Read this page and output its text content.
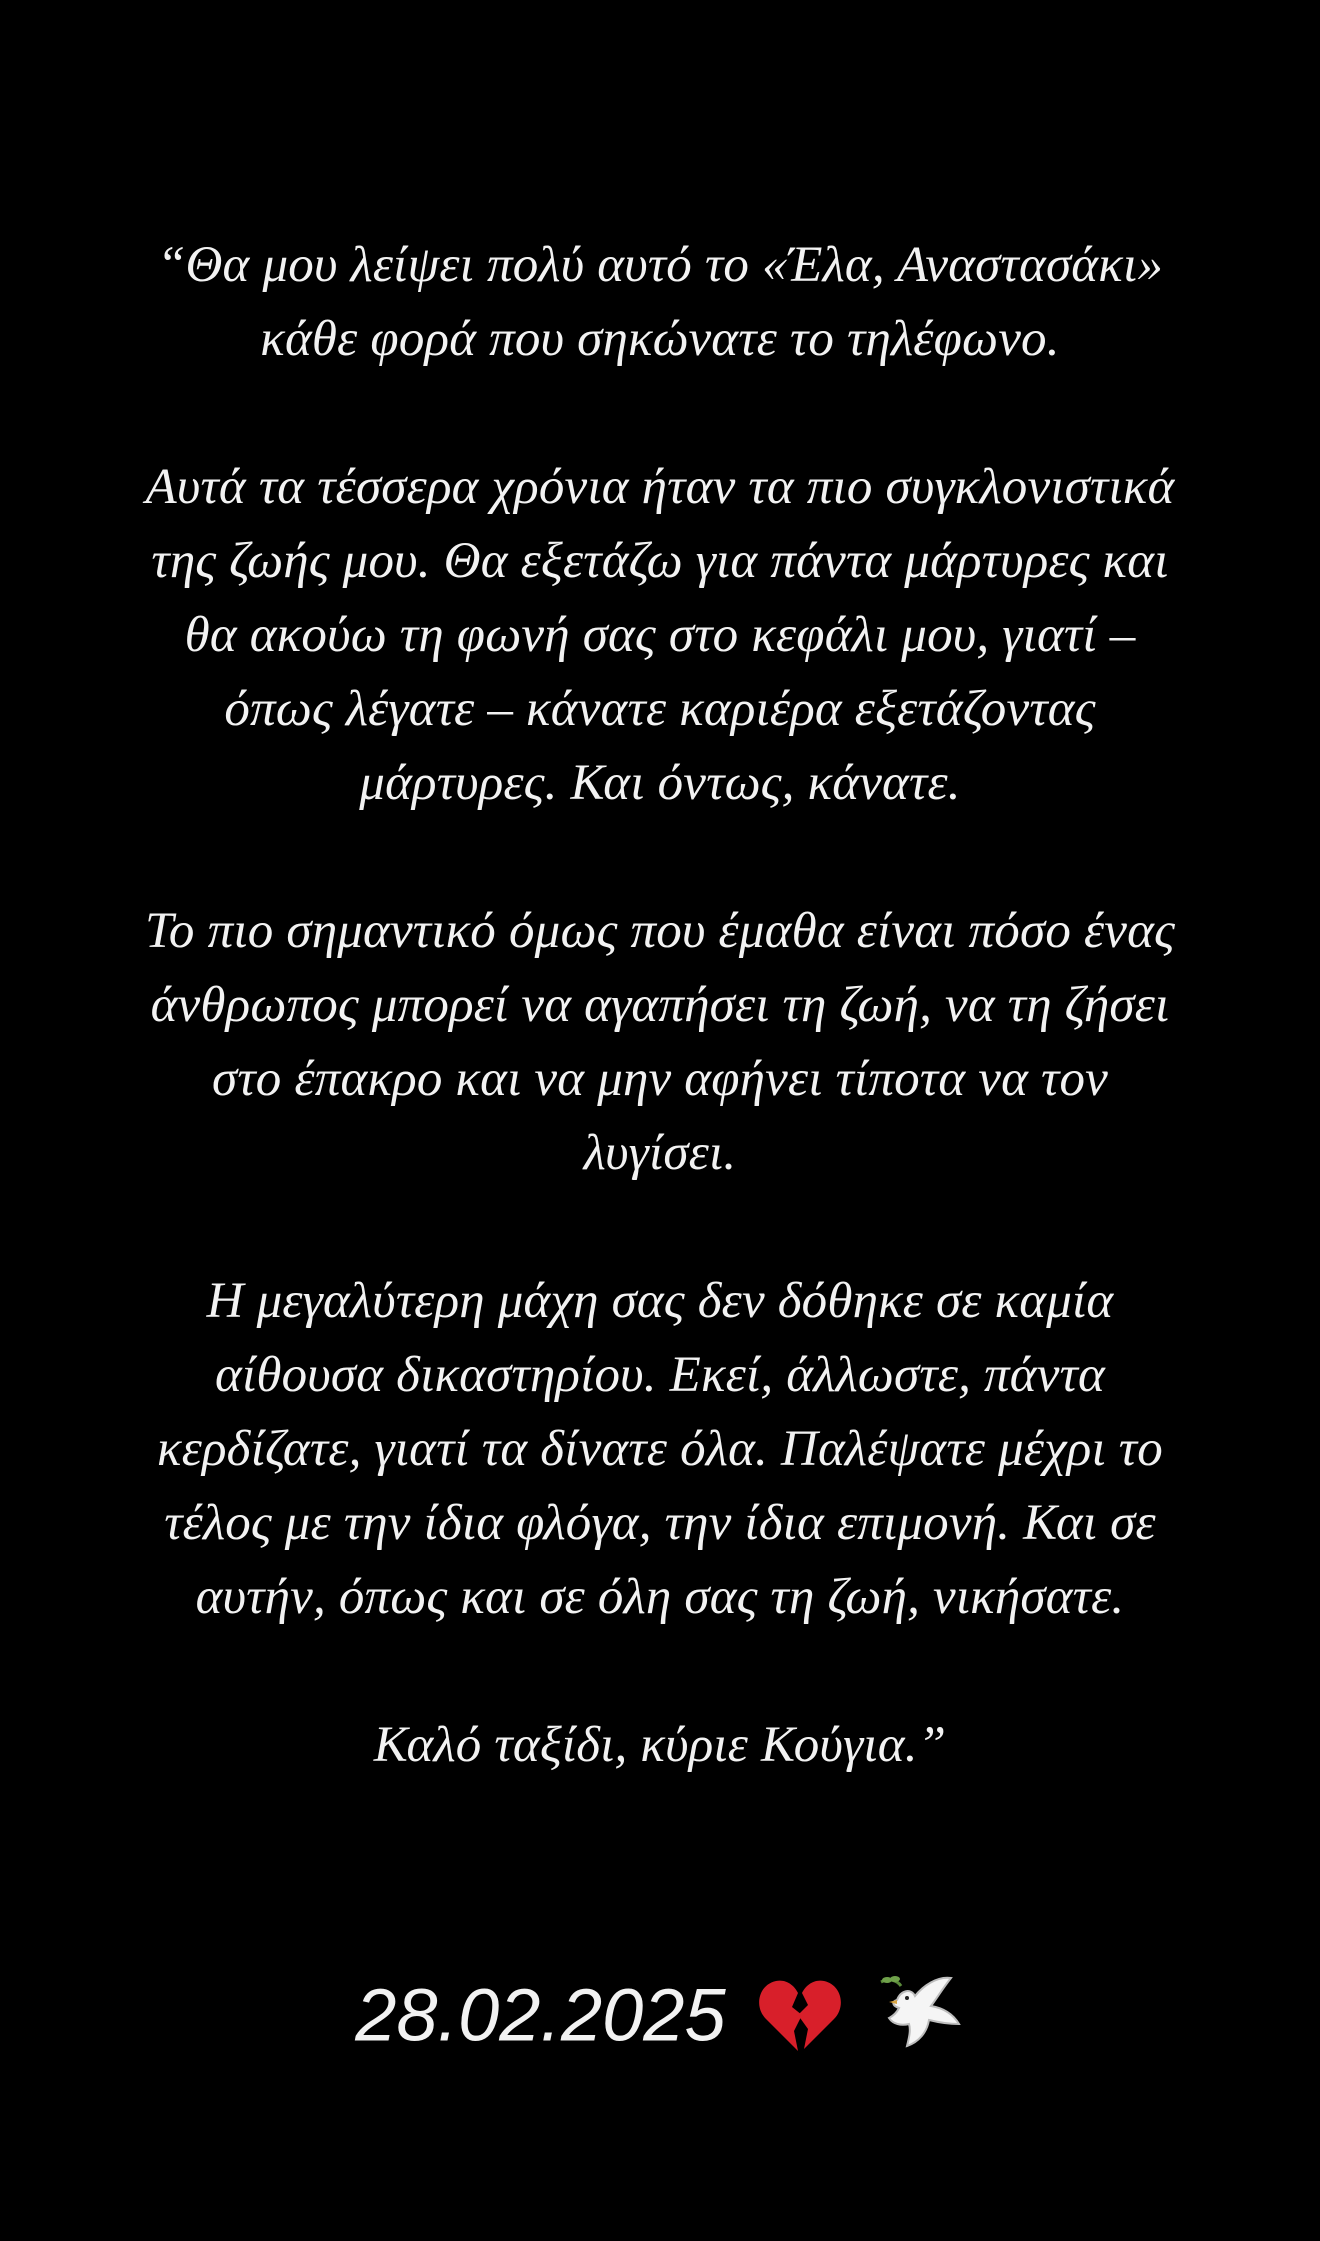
“Θα μου λείψει πολύ αυτό το «Έλα, Αναστασάκι»
κάθε φορά που σηκώνατε το τηλέφωνο.

Αυτά τα τέσσερα χρόνια ήταν τα πιο συγκλονιστικά
της ζωής μου. Θα εξετάζω για πάντα μάρτυρες και
θα ακούω τη φωνή σας στο κεφάλι μου, γιατί –
όπως λέγατε – κάνατε καριέρα εξετάζοντας
μάρτυρες. Και όντως, κάνατε.

Το πιο σημαντικό όμως που έμαθα είναι πόσο ένας
άνθρωπος μπορεί να αγαπήσει τη ζωή, να τη ζήσει
στο έπακρο και να μην αφήνει τίποτα να τον
λυγίσει.

Η μεγαλύτερη μάχη σας δεν δόθηκε σε καμία
αίθουσα δικαστηρίου. Εκεί, άλλωστε, πάντα
κερδίζατε, γιατί τα δίνατε όλα. Παλέψατε μέχρι το
τέλος με την ίδια φλόγα, την ίδια επιμονή. Και σε
αυτήν, όπως και σε όλη σας τη ζωή, νικήσατε.

Καλό ταξίδι, κύριε Κούγια.”

28.02.2025
